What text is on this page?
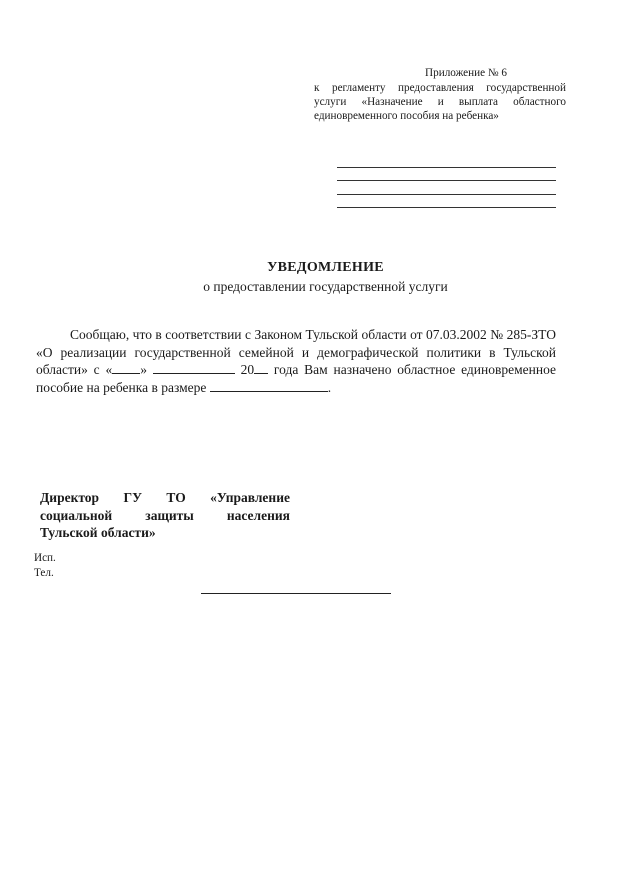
Приложение № 6
к регламенту предоставления государственной услуги «Назначение и выплата областного единовременного пособия на ребенка»
УВЕДОМЛЕНИЕ
о предоставлении государственной услуги

Сообщаю, что в соответствии с Законом Тульской области от 07.03.2002 № 285-ЗТО «О реализации государственной семейной и демографической политики в Тульской области» с « »	20 года Вам назначено областное единовременное пособие на ребенка в размере	.

Директор ГУ ТО «Управление
социальной защиты населения
Тульской области»
Исп.
Тел.
